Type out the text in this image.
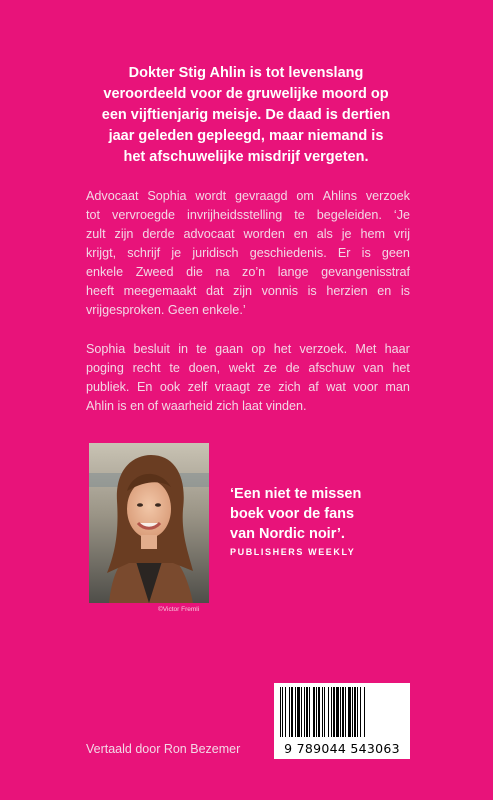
Dokter Stig Ahlin is tot levenslang
veroordeeld voor de gruwelijke moord op
een vijftienjarig meisje. De daad is dertien
jaar geleden gepleegd, maar niemand is
het afschuwelijke misdrijf vergeten.
Advocaat Sophia wordt gevraagd om Ahlins verzoek
tot vervroegde invrijheidsstelling te begeleiden. ‘Je
zult zijn derde advocaat worden en als je hem vrij
krijgt, schrijf je juridisch geschiedenis. Er is geen
enkele Zweed die na zo’n lange gevangenisstraf
heeft meegemaakt dat zijn vonnis is herzien en is
vrijgesproken. Geen enkele.’
Sophia besluit in te gaan op het verzoek. Met haar
poging recht te doen, wekt ze de afschuw van het
publiek. En ook zelf vraagt ze zich af wat voor man
Ahlin is en of waarheid zich laat vinden.
©Victor Fremli
‘Een niet te missen
boek voor de fans
van Nordic noir’.
PUBLISHERS WEEKLY
9 789044 543063
Vertaald door Ron Bezemer
